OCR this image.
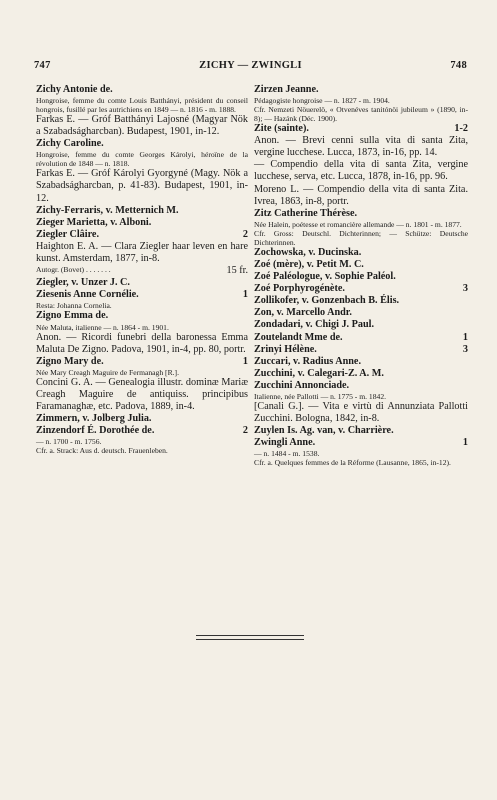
747	ZICHY — ZWINGLI	748

Zichy Antonie de.

Hongroise, femme du comte Louis Batthányi, président du conseil hongrois, fusillé par les autrichiens en 1849 — n. 1816 - m. 1888.

Farkas E. — Gróf Batthányi Lajosné (Magyar Nök a Szabadságharcban). Budapest, 1901, in-12.

Zichy Caroline.

Hongroise, femme du comte Georges Károlyi, héroïne de la révolution de 1848 — n. 1818.

Farkas E. — Gróf Károlyi Gyorgyné (Magy. Nök a Szabadságharcban, p. 41-83). Budapest, 1901, in-12.

Zichy-Ferraris, v. Metternich M.

Zieger Marietta, v. Alboni.

Ziegler Clâire.	2

Haighton E. A. — Clara Ziegler haar leven en hare kunst. Amsterdam, 1877, in-8.

Autogr. (Bovet) . . . . . . .	15 fr.

Ziegler, v. Unzer J. C.

Ziesenis Anne Cornélie.	1

Resta: Johanna Cornelia.

Zigno Emma de.

Née Maluta, italienne — n. 1864 - m. 1901.

Anon. — Ricordi funebri della baronessa Emma Maluta De Zigno. Padova, 1901, in-4, pp. 80, portr.

Zigno Mary de.	1

Née Mary Creagh Maguire de Fermanagh [R.].

Concini G. A. — Genealogia illustr. dominæ Mariæ Creagh Maguire de antiquiss. principibus Faramanaghæ, etc. Padova, 1889, in-4.

Zimmern, v. Jolberg Julia.

Zinzendorf É. Dorothée de.	2

— n. 1700 - m. 1756.

Cfr. a. Strack: Aus d. deutsch. Frauenleben.

Zirzen Jeanne.

Pédagogiste hongroise — n. 1827 - m. 1904.

Cfr. Nemzeti Nöuerelö, « Otvenéves tanitónöi jubileum » (1890, in-8); — Hazánk (Déc. 1900).

Zite (sainte).	1-2

Anon. — Brevi cenni sulla vita di santa Zita, vergine lucchese. Lucca, 1873, in-16, pp. 14.

— Compendio della vita di santa Zita, vergine lucchese, serva, etc. Lucca, 1878, in-16, pp. 96.

Moreno L. — Compendio della vita di santa Zita. Ivrea, 1863, in-8, portr.

Zitz Catherine Thérèse.

Née Halein, poétesse et romancière allemande — n. 1801 - m. 1877.

Cfr. Gross: Deutschl. Dichterinnen; — Schütze: Deutsche Dichterinnen.

Zochowska, v. Ducinska.

Zoé (mère), v. Petit M. C.

Zoé Paléologue, v. Sophie Paléol.

Zoé Porphyrogénète.	3

Zollikofer, v. Gonzenbach B. Élis.

Zon, v. Marcello Andr.

Zondadari, v. Chigi J. Paul.

Zoutelandt Mme de.	1
Zrinyi Hélène.	3

Zuccari, v. Radius Anne.

Zucchini, v. Calegari-Z. A. M.

Zucchini Annonciade.

Italienne, née Pallotti — n. 1775 - m. 1842.

[Canali G.]. — Vita e virtù di Annunziata Pallotti Zucchini. Bologna, 1842, in-8.

Zuylen Is. Ag. van, v. Charrière.

Zwingli Anne.	1

— n. 1484 - m. 1538.

Cfr. a. Quelques femmes de la Réforme (Lausanne, 1865, in-12).
